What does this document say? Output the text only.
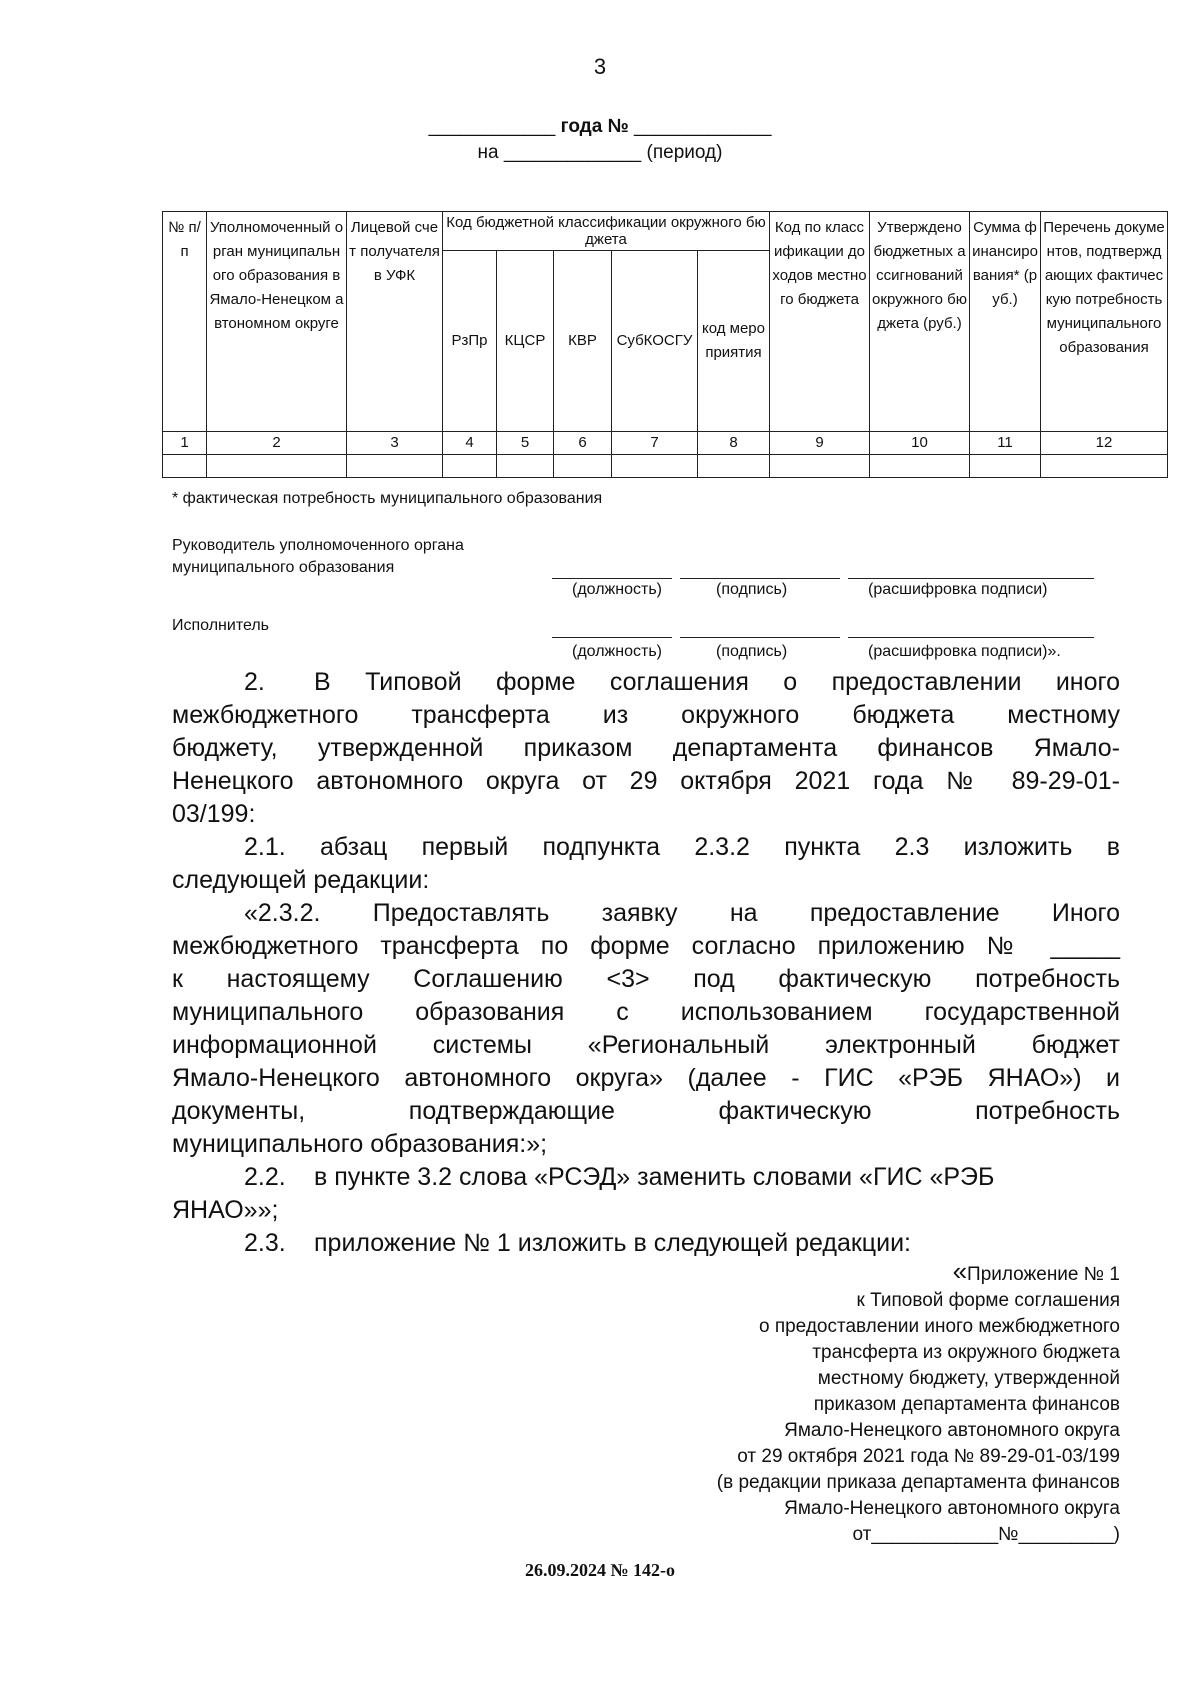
3
____________ года № _____________
на _____________ (период)
№ п/п	Уполномоченный орган муниципального образования в Ямало-Ненецком автономном округе	Лицевой счет получателя в УФК	Код бюджетной классификации окружного бюджета					Код по классификации доходов местного бюджета	Утверждено бюджетных ассигнований окружного бюджета (руб.)	Сумма финансирования* (руб.)	Перечень документов, подтверждающих фактическую потребность муниципального образования
			РзПр	КЦСР	КВР	СубКОСГУ	код мероприятия				
1	2	3	4	5	6	7	8	9	10	11	12

* фактическая потребность муниципального образования
Руководитель уполномоченного органа
муниципального образования
(должность)	(подпись)	(расшифровка подписи)
Исполнитель
(должность)	(подпись)	(расшифровка подписи)».
2. В Типовой форме соглашения о предоставлении иного
межбюджетного трансферта из окружного бюджета местному
бюджету, утвержденной приказом департамента финансов Ямало-
Ненецкого автономного округа от 29 октября 2021 года № 89-29-01-
03/199:
2.1. абзац первый подпункта 2.3.2 пункта 2.3 изложить в
следующей редакции:
«2.3.2. Предоставлять заявку на предоставление Иного
межбюджетного трансферта по форме согласно приложению № _____
к настоящему Соглашению <3> под фактическую потребность
муниципального образования с использованием государственной
информационной системы «Региональный электронный бюджет
Ямало-Ненецкого автономного округа» (далее - ГИС «РЭБ ЯНАО») и
документы, подтверждающие фактическую потребность
муниципального образования:»;
2.2. в пункте 3.2 слова «РСЭД» заменить словами «ГИС «РЭБ
ЯНАО»»;
2.3. приложение № 1 изложить в следующей редакции:
«Приложение № 1
к Типовой форме соглашения
о предоставлении иного межбюджетного
трансферта из окружного бюджета
местному бюджету, утвержденной
приказом департамента финансов
Ямало-Ненецкого автономного округа
от 29 октября 2021 года № 89-29-01-03/199
(в редакции приказа департамента финансов
Ямало-Ненецкого автономного округа
от____________№_________)
26.09.2024 № 142-о
